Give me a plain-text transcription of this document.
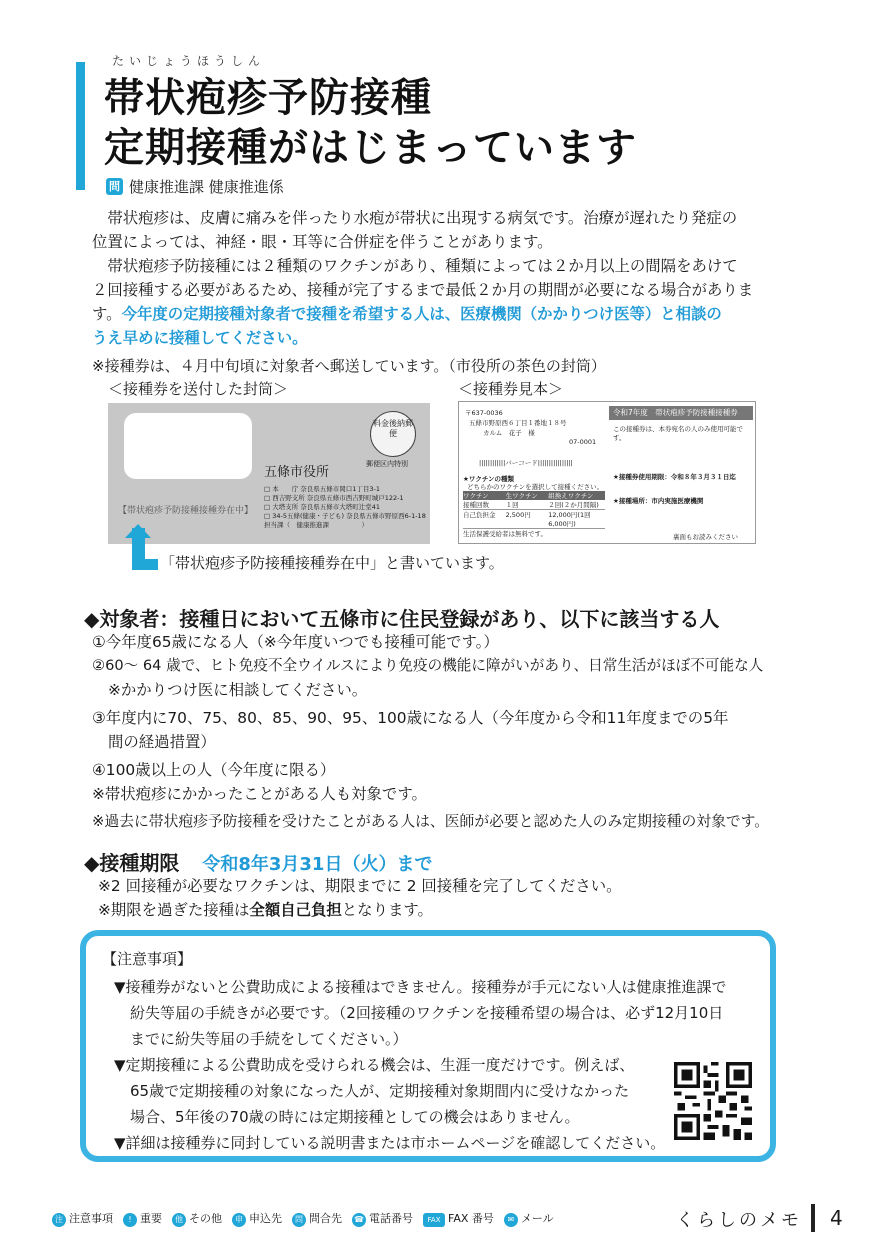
たいじょうほうしん
帯状疱疹予防接種
定期接種がはじまっています
問 健康推進課 健康推進係
　帯状疱疹は、皮膚に痛みを伴ったり水疱が帯状に出現する病気です。治療が遅れたり発症の
位置によっては、神経・眼・耳等に合併症を伴うことがあります。
　帯状疱疹予防接種には２種類のワクチンがあり、種類によっては２か月以上の間隔をあけて
２回接種する必要があるため、接種が完了するまで最低２か月の期間が必要になる場合がありま
す。今年度の定期接種対象者で接種を希望する人は、医療機関（かかりつけ医等）と相談の
うえ早めに接種してください。
※接種券は、４月中旬頃に対象者へ郵送しています。（市役所の茶色の封筒）
＜接種券を送付した封筒＞	＜接種券見本＞
料金後納郵便
郵便区内特別
五條市役所
□ 本　　庁 奈良県五條市岡口1丁目3-1
□ 西吉野支所 奈良県五條市西吉野町城戸122-1
□ 大塔支所 奈良県五條市大塔町辻堂41
□ 34-5五條(健康・子ども) 奈良県五條市野原西6-1-18
担当課（　健康推進課　　　　　）
【帯状疱疹予防接種接種券在中】
令和7年度　帯状疱疹予防接種接種券
〒637-0036
五條市野原西６丁目１番地１８号
カルム　花子　様
07-0001
||||||||||||バーコード||||||||||||||||
★ワクチンの種類
どちらかのワクチンを選択して接種ください。
ワクチン	生ワクチン	組換えワクチン
接種回数	１回	２回(２か月間隔)
自己負担金	2,500円	12,000円(1回 6,000円)
生活保護受給者は無料です。
この接種券は、本券宛名の人のみ使用可能です。
★接種券使用期限：令和８年３月３１日迄
★接種場所：市内実施医療機関
裏面もお読みください
「帯状疱疹予防接種接種券在中」と書いています。
◆対象者：接種日において五條市に住民登録があり、以下に該当する人
①今年度65歳になる人（※今年度いつでも接種可能です。）
②60～ 64 歳で、ヒト免疫不全ウイルスにより免疫の機能に障がいがあり、日常生活がほぼ不可能な人
※かかりつけ医に相談してください。
③年度内に70、75、80、85、90、95、100歳になる人（今年度から令和11年度までの5年
間の経過措置）
④100歳以上の人（今年度に限る）
※帯状疱疹にかかったことがある人も対象です。
※過去に帯状疱疹予防接種を受けたことがある人は、医師が必要と認めた人のみ定期接種の対象です。
◆接種期限 令和8年3月31日（火）まで
※2 回接種が必要なワクチンは、期限までに 2 回接種を完了してください。
※期限を過ぎた接種は全額自己負担となります。
【注意事項】
▼接種券がないと公費助成による接種はできません。接種券が手元にない人は健康推進課で
紛失等届の手続きが必要です。（2回接種のワクチンを接種希望の場合は、必ず12月10日
までに紛失等届の手続をしてください。）
▼定期接種による公費助成を受けられる機会は、生涯一度だけです。例えば、
65歳で定期接種の対象になった人が、定期接種対象期間内に受けなかった
場合、5年後の70歳の時には定期接種としての機会はありません。
▼詳細は接種券に同封している説明書または市ホームページを確認してください。
注 注意事項	! 重要	他 その他	申 申込先	問 問合先 ☎ 電話番号	FAX FAX 番号	✉ メール	くらしのメモ 4
